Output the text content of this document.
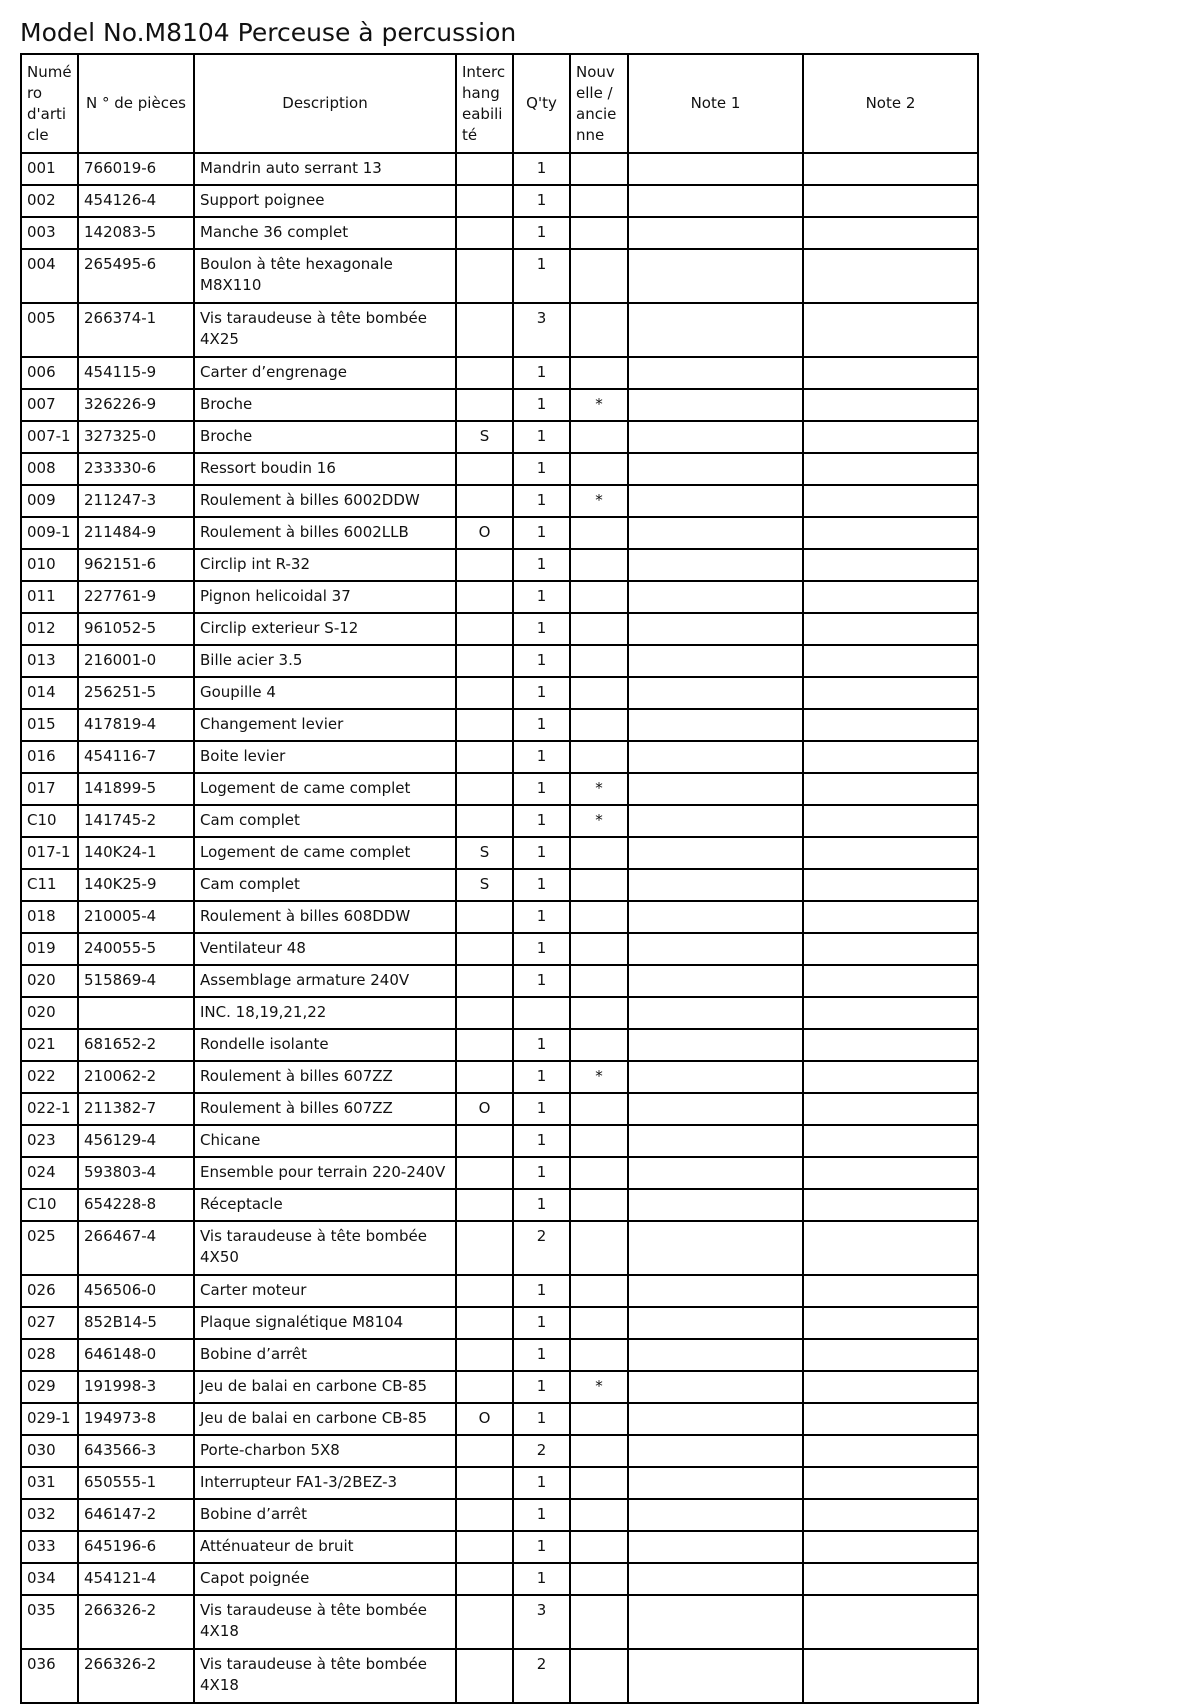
Model No.M8104 Perceuse à percussion
Numéro d'article	N ° de pièces	Description	Interchangeabilité	Q'ty	Nouvelle / ancienne	Note 1	Note 2
001	766019-6	Mandrin auto serrant 13		1			
002	454126-4	Support poignee		1			
003	142083-5	Manche 36 complet		1			
004	265495-6	Boulon à tête hexagonale M8X110		1			
005	266374-1	Vis taraudeuse à tête bombée 4X25		3			
006	454115-9	Carter d’engrenage		1			
007	326226-9	Broche		1	*		
007-1	327325-0	Broche	S	1			
008	233330-6	Ressort boudin 16		1			
009	211247-3	Roulement à billes 6002DDW		1	*		
009-1	211484-9	Roulement à billes 6002LLB	O	1			
010	962151-6	Circlip int R-32		1			
011	227761-9	Pignon helicoidal 37		1			
012	961052-5	Circlip exterieur S-12		1			
013	216001-0	Bille acier 3.5		1			
014	256251-5	Goupille 4		1			
015	417819-4	Changement levier		1			
016	454116-7	Boite levier		1			
017	141899-5	Logement de came complet		1	*		
C10	141745-2	Cam complet		1	*		
017-1	140K24-1	Logement de came complet	S	1			
C11	140K25-9	Cam complet	S	1			
018	210005-4	Roulement à billes 608DDW		1			
019	240055-5	Ventilateur 48		1			
020	515869-4	Assemblage armature 240V		1			
020		INC. 18,19,21,22					
021	681652-2	Rondelle isolante		1			
022	210062-2	Roulement à billes 607ZZ		1	*		
022-1	211382-7	Roulement à billes 607ZZ	O	1			
023	456129-4	Chicane		1			
024	593803-4	Ensemble pour terrain 220-240V		1			
C10	654228-8	Réceptacle		1			
025	266467-4	Vis taraudeuse à tête bombée 4X50		2			
026	456506-0	Carter moteur		1			
027	852B14-5	Plaque signalétique M8104		1			
028	646148-0	Bobine d’arrêt		1			
029	191998-3	Jeu de balai en carbone CB-85		1	*		
029-1	194973-8	Jeu de balai en carbone CB-85	O	1			
030	643566-3	Porte-charbon 5X8		2			
031	650555-1	Interrupteur FA1-3/2BEZ-3		1			
032	646147-2	Bobine d’arrêt		1			
033	645196-6	Atténuateur de bruit		1			
034	454121-4	Capot poignée		1			
035	266326-2	Vis taraudeuse à tête bombée 4X18		3			
036	266326-2	Vis taraudeuse à tête bombée 4X18		2			
